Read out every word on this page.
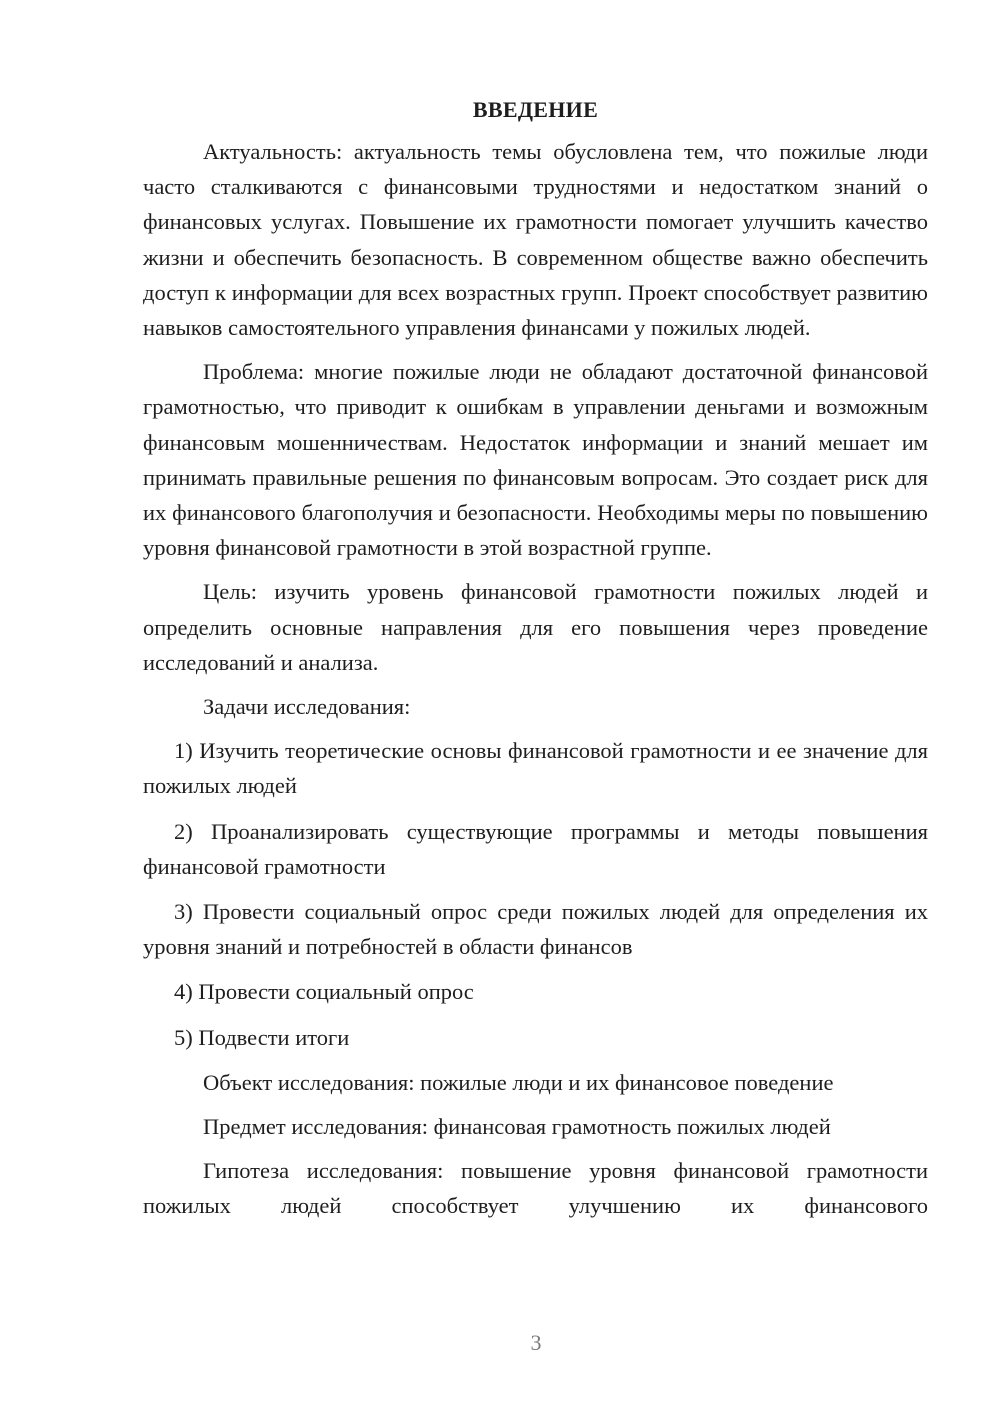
ВВЕДЕНИЕ
Актуальность: актуальность темы обусловлена тем, что пожилые люди часто сталкиваются с финансовыми трудностями и недостатком знаний о финансовых услугах. Повышение их грамотности помогает улучшить качество жизни и обеспечить безопасность. В современном обществе важно обеспечить доступ к информации для всех возрастных групп. Проект способствует развитию навыков самостоятельного управления финансами у пожилых людей.
Проблема: многие пожилые люди не обладают достаточной финансовой грамотностью, что приводит к ошибкам в управлении деньгами и возможным финансовым мошенничествам. Недостаток информации и знаний мешает им принимать правильные решения по финансовым вопросам. Это создает риск для их финансового благополучия и безопасности. Необходимы меры по повышению уровня финансовой грамотности в этой возрастной группе.
Цель: изучить уровень финансовой грамотности пожилых людей и определить основные направления для его повышения через проведение исследований и анализа.
Задачи исследования:
1) Изучить теоретические основы финансовой грамотности и ее значение для пожилых людей
2) Проанализировать существующие программы и методы повышения финансовой грамотности
3) Провести социальный опрос среди пожилых людей для определения их уровня знаний и потребностей в области финансов
4) Провести социальный опрос
5) Подвести итоги
Объект исследования: пожилые люди и их финансовое поведение
Предмет исследования: финансовая грамотность пожилых людей
Гипотеза исследования: повышение уровня финансовой грамотности пожилых людей способствует улучшению их финансового
3
